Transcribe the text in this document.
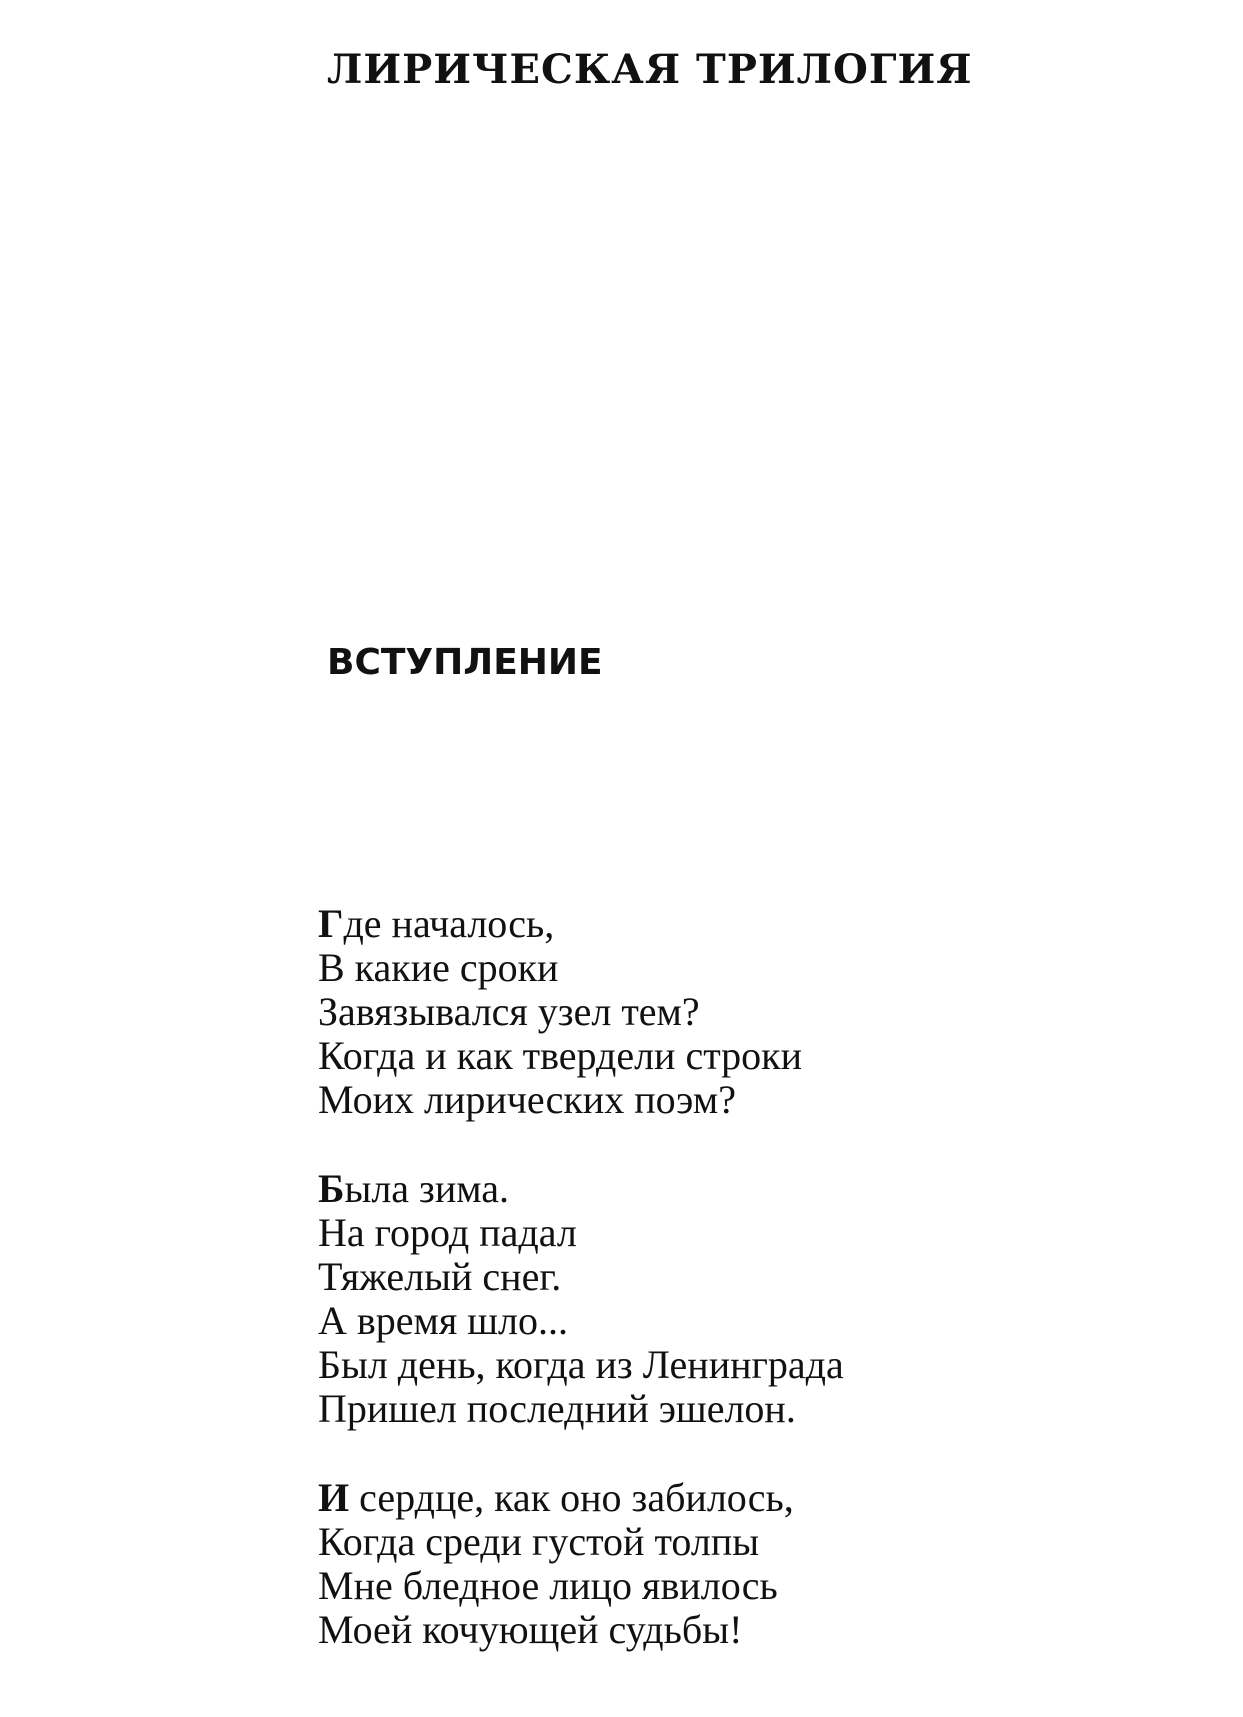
ЛИРИЧЕСКАЯ ТРИЛОГИЯ
ВСТУПЛЕНИЕ
Где началось,
В какие сроки
Завязывался узел тем?
Когда и как твердели строки
Моих лирических поэм?
Была зима.
На город падал
Тяжелый снег.
А время шло...
Был день, когда из Ленинграда
Пришел последний эшелон.
И сердце, как оно забилось,
Когда среди густой толпы
Мне бледное лицо явилось
Моей кочующей судьбы!
